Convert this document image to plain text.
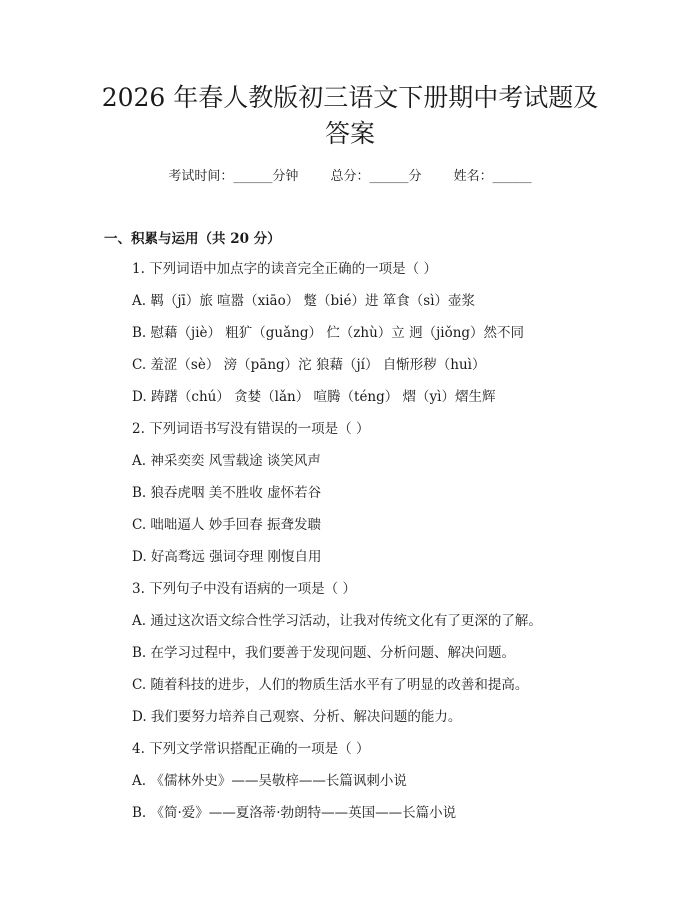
2026 年春人教版初三语文下册期中考试题及
答案
考试时间：______分钟 总分：______分 姓名：______
一、积累与运用（共 20 分）
1. 下列词语中加点字的读音完全正确的一项是（ ）
A. 羁（jī）旅 喧嚣（xiāo） 蹩（bié）进 箪食（sì）壶浆
B. 慰藉（jiè） 粗犷（guǎng） 伫（zhù）立 迥（jiǒng）然不同
C. 羞涩（sè） 滂（pāng）沱 狼藉（jí） 自惭形秽（huì）
D. 踌躇（chú） 贪婪（lǎn） 喧腾（téng） 熠（yì）熠生辉
2. 下列词语书写没有错误的一项是（ ）
A. 神采奕奕 风雪载途 谈笑风声
B. 狼吞虎咽 美不胜收 虚怀若谷
C. 咄咄逼人 妙手回春 振聋发聩
D. 好高骛远 强词夺理 刚愎自用
3. 下列句子中没有语病的一项是（ ）
A. 通过这次语文综合性学习活动，让我对传统文化有了更深的了解。
B. 在学习过程中，我们要善于发现问题、分析问题、解决问题。
C. 随着科技的进步，人们的物质生活水平有了明显的改善和提高。
D. 我们要努力培养自己观察、分析、解决问题的能力。
4. 下列文学常识搭配正确的一项是（ ）
A. 《儒林外史》——吴敬梓——长篇讽刺小说
B. 《简·爱》——夏洛蒂·勃朗特——英国——长篇小说
